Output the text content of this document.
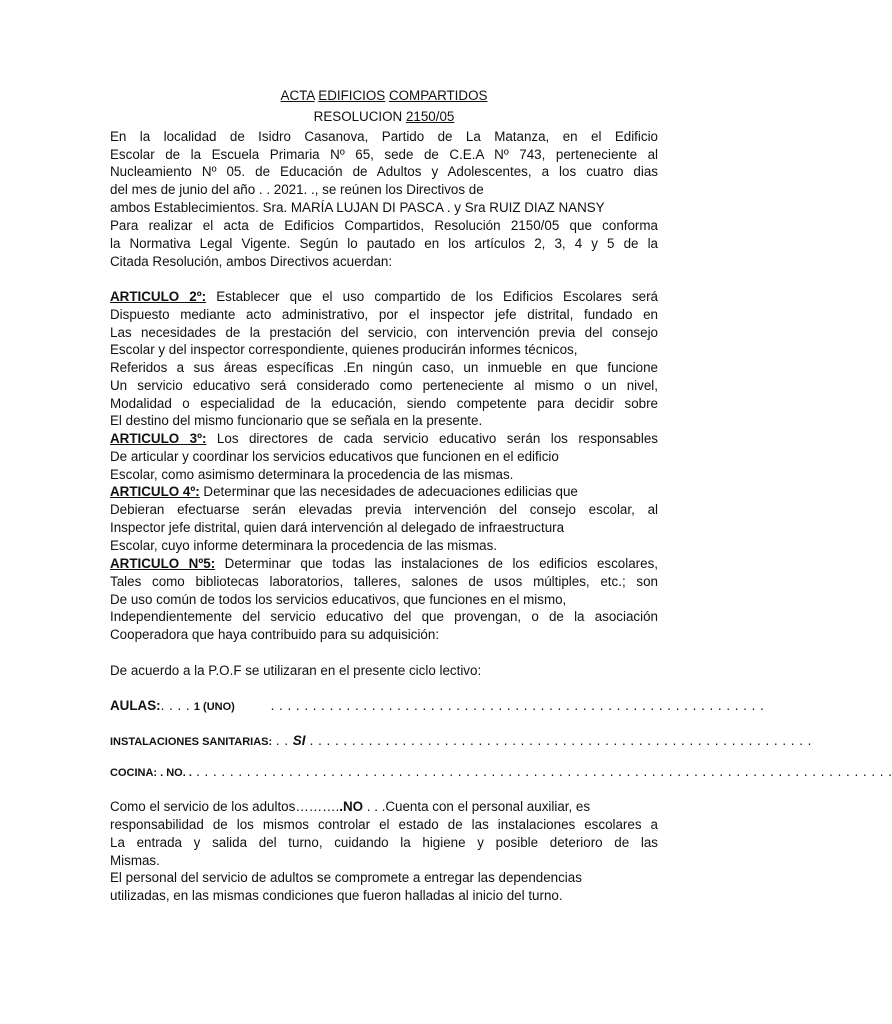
ACTA EDIFICIOS COMPARTIDOS
RESOLUCION 2150/05
En la localidad de Isidro Casanova, Partido de La Matanza, en el Edificio
Escolar de la Escuela Primaria Nº 65, sede de C.E.A Nº 743, perteneciente al
Nucleamiento Nº 05. de Educación de Adultos y Adolescentes, a los cuatro dias
del mes de junio del año . . 2021. ., se reúnen los Directivos de
ambos Establecimientos. Sra. MARÍA LUJAN DI PASCA . y Sra RUIZ DIAZ NANSY
Para realizar el acta de Edificios Compartidos, Resolución 2150/05 que conforma
la Normativa Legal Vigente. Según lo pautado en los artículos 2, 3, 4 y 5 de la
Citada Resolución, ambos Directivos acuerdan:
ARTICULO 2º: Establecer que el uso compartido de los Edificios Escolares será
Dispuesto mediante acto administrativo, por el inspector jefe distrital, fundado en
Las necesidades de la prestación del servicio, con intervención previa del consejo
Escolar y del inspector correspondiente, quienes producirán informes técnicos,
Referidos a sus áreas específicas .En ningún caso, un inmueble en que funcione
Un servicio educativo será considerado como perteneciente al mismo o un nivel,
Modalidad o especialidad de la educación, siendo competente para decidir sobre
El destino del mismo funcionario que se señala en la presente.
ARTICULO 3º: Los directores de cada servicio educativo serán los responsables
De articular y coordinar los servicios educativos que funcionen en el edificio
Escolar, como asimismo determinara la procedencia de las mismas.
ARTICULO 4º: Determinar que las necesidades de adecuaciones edilicias que
Debieran efectuarse serán elevadas previa intervención del consejo escolar, al
Inspector jefe distrital, quien dará intervención al delegado de infraestructura
Escolar, cuyo informe determinara la procedencia de las mismas.
ARTICULO Nº5: Determinar que todas las instalaciones de los edificios escolares,
Tales como bibliotecas laboratorios, talleres, salones de usos múltiples, etc.; son
De uso común de todos los servicios educativos, que funciones en el mismo,
Independientemente del servicio educativo del que provengan, o de la asociación
Cooperadora que haya contribuido para su adquisición:
De acuerdo a la P.O.F se utilizaran en el presente ciclo lectivo:
AULAS:. . . . 1 (UNO)	. . . . . . . . . . . . . . . . . . . . . . . . . . . . . . . . . . . . . . . . . . . . . . . . . . . . . . . . . . .
INSTALACIONES SANITARIAS: . . SI . . . . . . . . . . . . . . . . . . . . . . . . . . . . . . . . . . . . . . . . . . . . . . . . . . . . . . . . . . . .
COCINA: . NO. . . . . . . . . . . . . . . . . . . . . . . . . . . . . . . . . . . . . . . . . . . . . . . . . . . . . . . . . . . . . . . . . . . . . . . . . . . . . . . . . . . . .
Como el servicio de los adultos………..NO . . .Cuenta con el personal auxiliar, es
responsabilidad de los mismos controlar el estado de las instalaciones escolares a
La entrada y salida del turno, cuidando la higiene y posible deterioro de las
Mismas.
El personal del servicio de adultos se compromete a entregar las dependencias
utilizadas, en las mismas condiciones que fueron halladas al inicio del turno.
